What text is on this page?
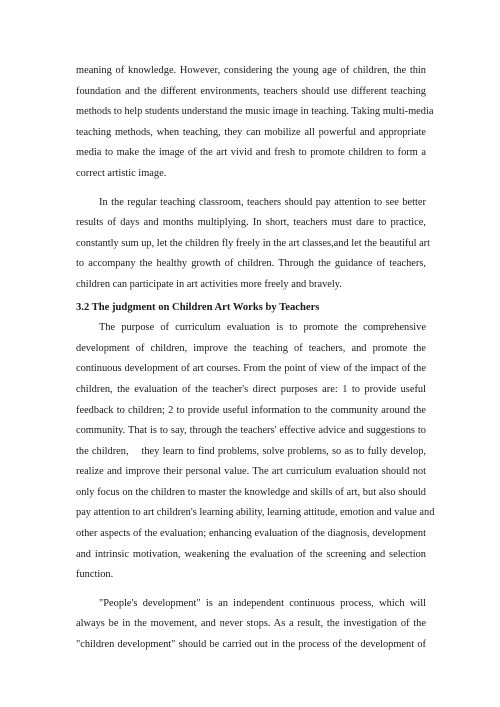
meaning of knowledge. However, considering the young age of children, the thin
foundation and the different environments, teachers should use different teaching
methods to help students understand the music image in teaching. Taking multi-media
teaching methods, when teaching, they can mobilize all powerful and appropriate
media to make the image of the art vivid and fresh to promote children to form a
correct artistic image.

In the regular teaching classroom, teachers should pay attention to see better
results of days and months multiplying. In short, teachers must dare to practice,
constantly sum up, let the children fly freely in the art classes,and let the beautiful art
to accompany the healthy growth of children. Through the guidance of teachers,
children can participate in art activities more freely and bravely.

3.2 The judgment on Children Art Works by Teachers

The purpose of curriculum evaluation is to promote the comprehensive
development of children, improve the teaching of teachers, and promote the
continuous development of art courses. From the point of view of the impact of the
children, the evaluation of the teacher's direct purposes are: 1 to provide useful
feedback to children; 2 to provide useful information to the community around the
community. That is to say, through the teachers' effective advice and suggestions to
the children,    they learn to find problems, solve problems, so as to fully develop,
realize and improve their personal value. The art curriculum evaluation should not
only focus on the children to master the knowledge and skills of art, but also should
pay attention to art children's learning ability, learning attitude, emotion and value and
other aspects of the evaluation; enhancing evaluation of the diagnosis, development
and intrinsic motivation, weakening the evaluation of the screening and selection
function.

"People's development" is an independent continuous process, which will
always be in the movement, and never stops. As a result, the investigation of the
"children development" should be carried out in the process of the development of
